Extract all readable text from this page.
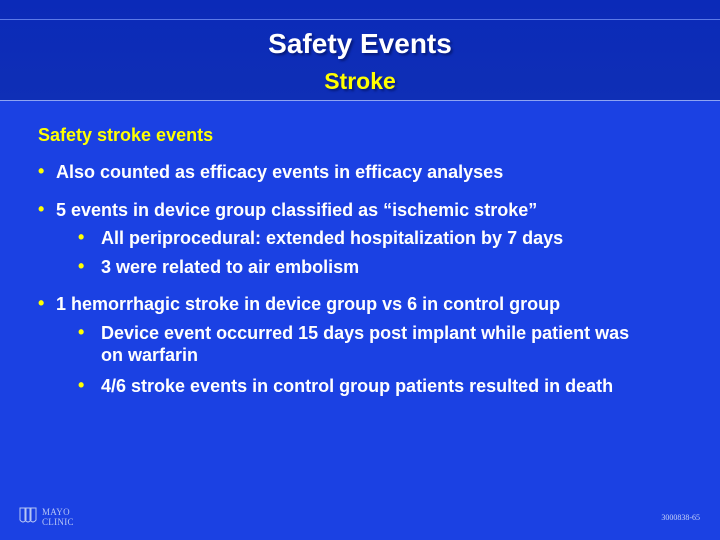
Safety Events
Stroke
Safety stroke events
• Also counted as efficacy events in efficacy analyses
• 5 events in device group classified as “ischemic stroke”
• All periprocedural: extended hospitalization by 7 days
• 3 were related to air embolism
• 1 hemorrhagic stroke in device group vs 6 in control group
• Device event occurred 15 days post implant while patient was on warfarin
• 4/6 stroke events in control group patients resulted in death
MAYO CLINIC	3000838-65
